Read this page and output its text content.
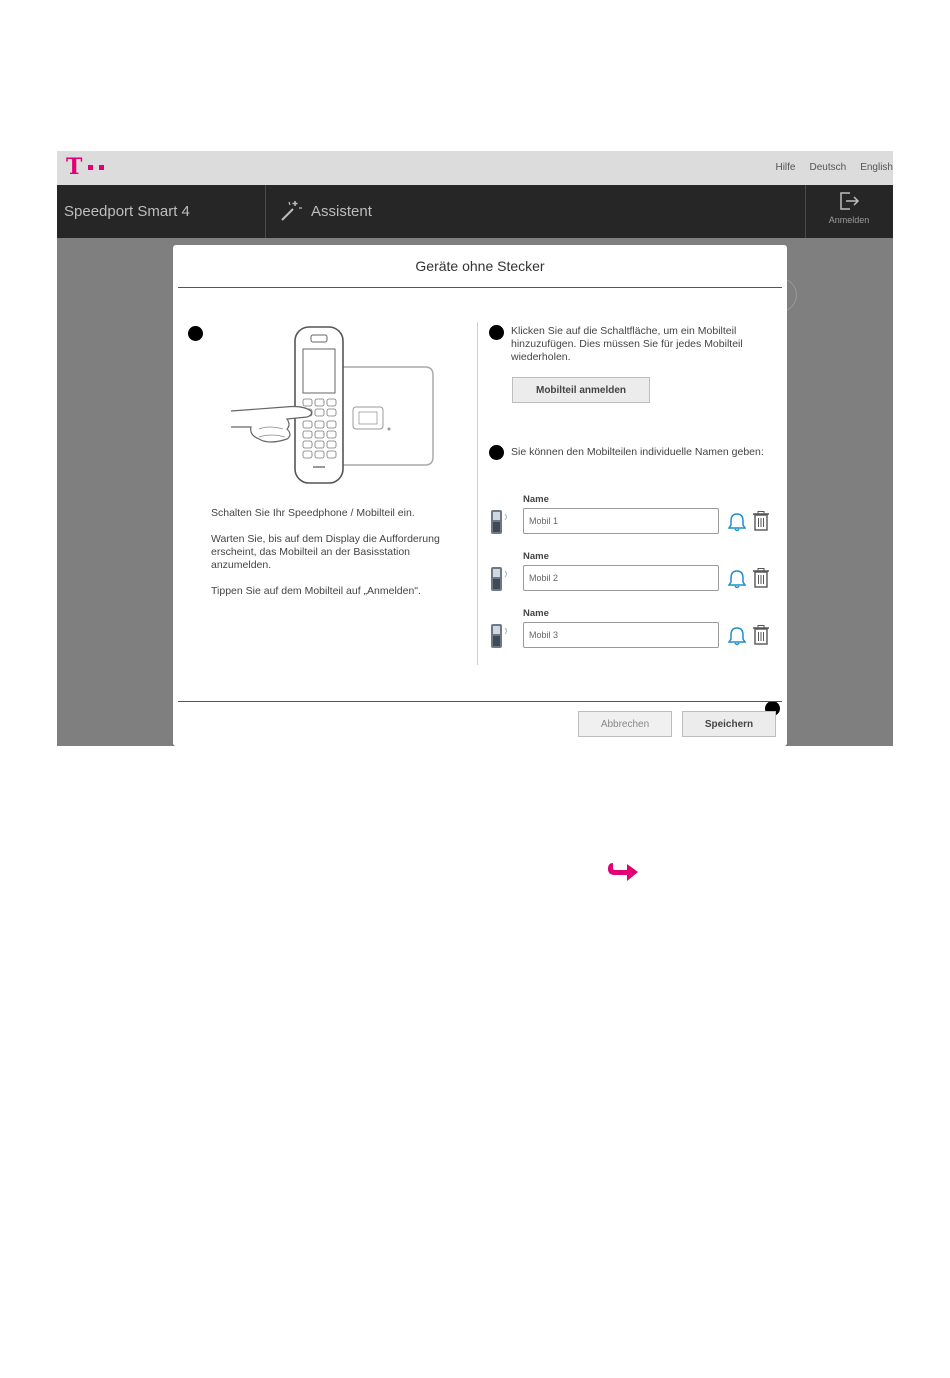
T	Hilfe Deutsch English
Speedport Smart 4	Assistent
Anmelden
Geräte ohne Stecker

Schalten Sie Ihr Speedphone / Mobilteil ein.

Warten Sie, bis auf dem Display die Aufforderung erscheint, das Mobilteil an der Basisstation anzumelden.

Tippen Sie auf dem Mobilteil auf „Anmelden".

Klicken Sie auf die Schaltfläche, um ein Mobilteil hinzuzufügen. Dies müssen Sie für jedes Mobilteil wiederholen.
Mobilteil anmelden
Sie können den Mobilteilen individuelle Namen geben:
Name
Mobil 1
Name
Mobil 2
Name
Mobil 3
Abbrechen	Speichern
